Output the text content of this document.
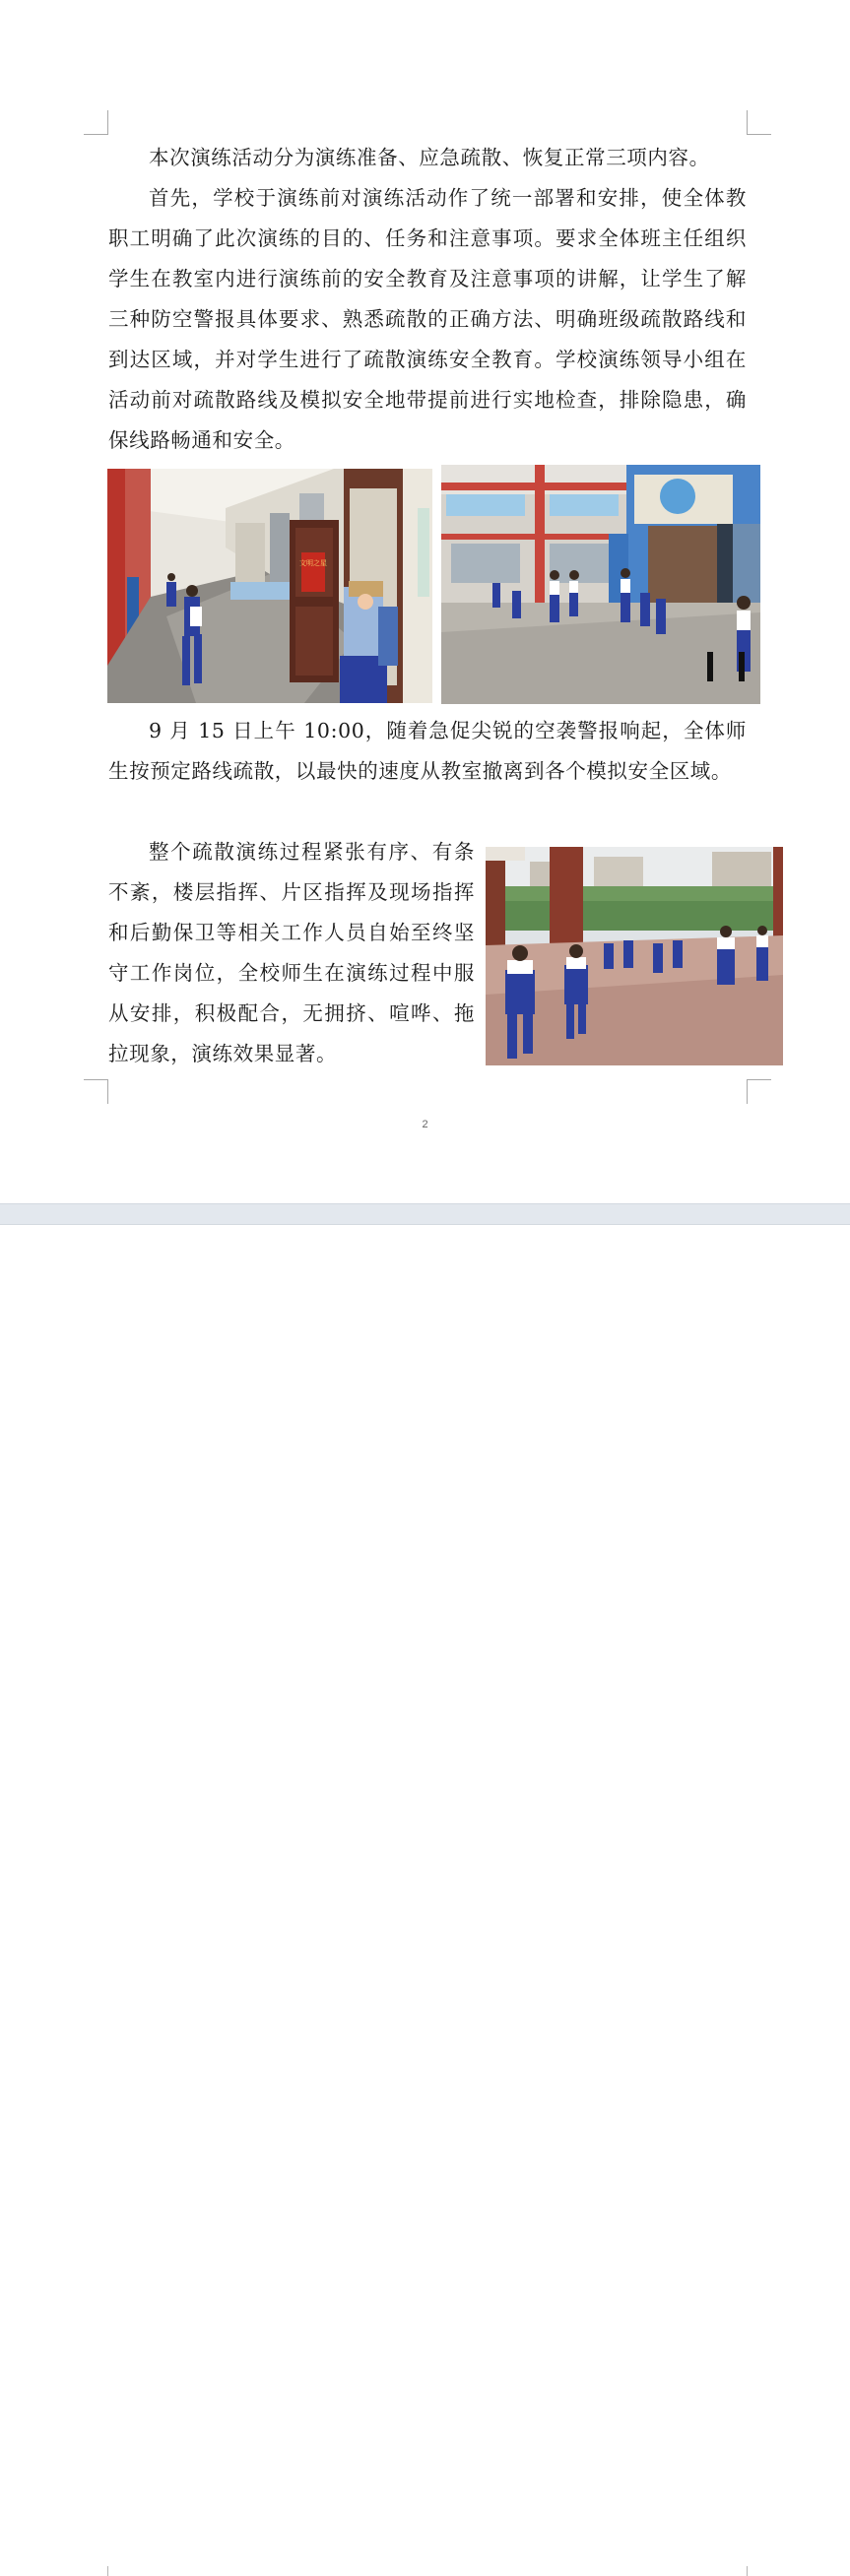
本次演练活动分为演练准备、应急疏散、恢复正常三项内容。

首先，学校于演练前对演练活动作了统一部署和安排，使全体教职工明确了此次演练的目的、任务和注意事项。要求全体班主任组织学生在教室内进行演练前的安全教育及注意事项的讲解，让学生了解三种防空警报具体要求、熟悉疏散的正确方法、明确班级疏散路线和到达区域，并对学生进行了疏散演练安全教育。学校演练领导小组在活动前对疏散路线及模拟安全地带提前进行实地检查，排除隐患，确保线路畅通和安全。

文明之星

9 月 15 日上午 10:00，随着急促尖锐的空袭警报响起，全体师生按预定路线疏散，以最快的速度从教室撤离到各个模拟安全区域。

整个疏散演练过程紧张有序、有条不紊，楼层指挥、片区指挥及现场指挥和后勤保卫等相关工作人员自始至终坚守工作岗位，全校师生在演练过程中服从安排，积极配合，无拥挤、喧哗、拖拉现象，演练效果显著。

2
